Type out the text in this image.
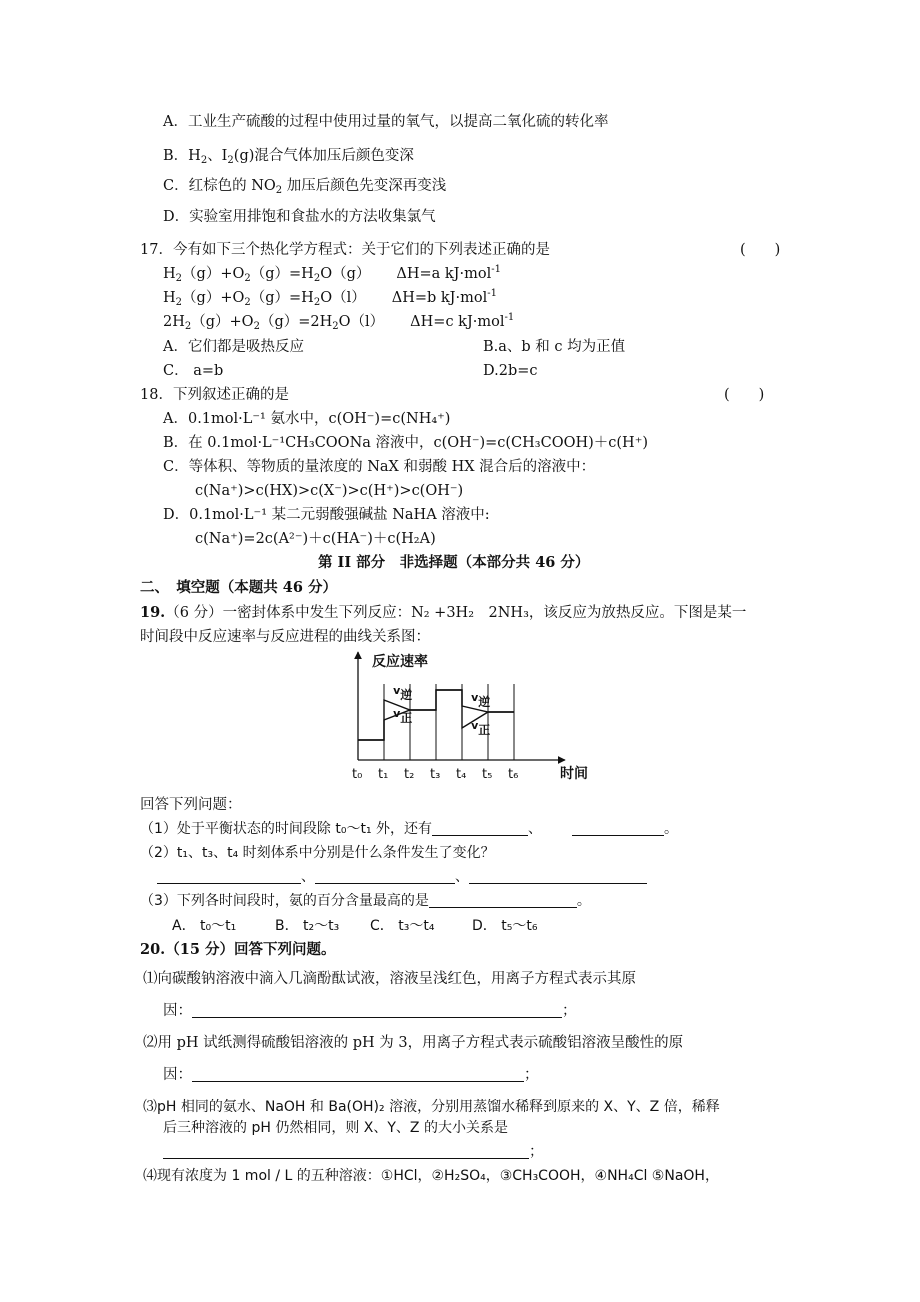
A．工业生产硫酸的过程中使用过量的氧气，以提高二氧化硫的转化率
B．$H_2$、$I_2(g)$混合气体加压后颜色变深
C．红棕色的 $NO_2$ 加压后颜色先变深再变浅
D．实验室用排饱和食盐水的方法收集氯气
17．今有如下三个热化学方程式：关于它们的下列表述正确的是	(　　)
$H_2(g)+O_2(g)=H_2O(g)$ ΔH=a kJ·mol$^{-1}$
$H_2(g)+O_2(g)=H_2O(l)$ ΔH=b kJ·mol$^{-1}$
$2H_2(g)+O_2(g)=2H_2O(l)$ ΔH=c kJ·mol$^{-1}$
A．它们都是吸热反应	B.a、b 和 c 均为正值
C． a=b	D.2b=c
18．下列叙述正确的是	(　　)
A．0.1mol·L⁻¹ 氨水中，c(OH⁻)=c(NH₄⁺)
B．在 0.1mol·L⁻¹CH₃COONa 溶液中，c(OH⁻)=c(CH₃COOH)＋c(H⁺)
C．等体积、等物质的量浓度的 NaX 和弱酸 HX 混合后的溶液中：
c(Na⁺)>c(HX)>c(X⁻)>c(H⁺)>c(OH⁻)
D．0.1mol·L⁻¹ 某二元弱酸强碱盐 NaHA 溶液中:
c(Na⁺)=2c(A²⁻)＋c(HA⁻)＋c(H₂A)
第 II 部分　非选择题（本部分共 46 分）
二、　填空题（本题共 46 分）
19.（6 分）一密封体系中发生下列反应：N₂ +3H₂　2NH₃，该反应为放热反应。下图是某一
时间段中反应速率与反应进程的曲线关系图：
反应速率
时间
t₀ t₁ t₂ t₃ t₄ t₅ t₆
v逆
v正
v逆
v正
回答下列问题：
（1）处于平衡状态的时间段除 t₀～t₁ 外，还有	、	。
（2）t₁、t₃、t₄ 时刻体系中分别是什么条件发生了变化？
、	、
（3）下列各时间段时，氨的百分含量最高的是	。
A． t₀～t₁	B． t₂～t₃ C． t₃～t₄	D． t₅～t₆
20.（15 分）回答下列问题。
⑴向碳酸钠溶液中滴入几滴酚酞试液，溶液呈浅红色，用离子方程式表示其原
因：	；
⑵用 pH 试纸测得硫酸铝溶液的 pH 为 3，用离子方程式表示硫酸铝溶液呈酸性的原
因：	；
⑶pH 相同的氨水、NaOH 和 Ba(OH)₂ 溶液，分别用蒸馏水稀释到原来的 X、Y、Z 倍，稀释
后三种溶液的 pH 仍然相同，则 X、Y、Z 的大小关系是
；
⑷现有浓度为 1 mol / L 的五种溶液：①HCl，②H₂SO₄，③CH₃COOH，④NH₄Cl ⑤NaOH，
